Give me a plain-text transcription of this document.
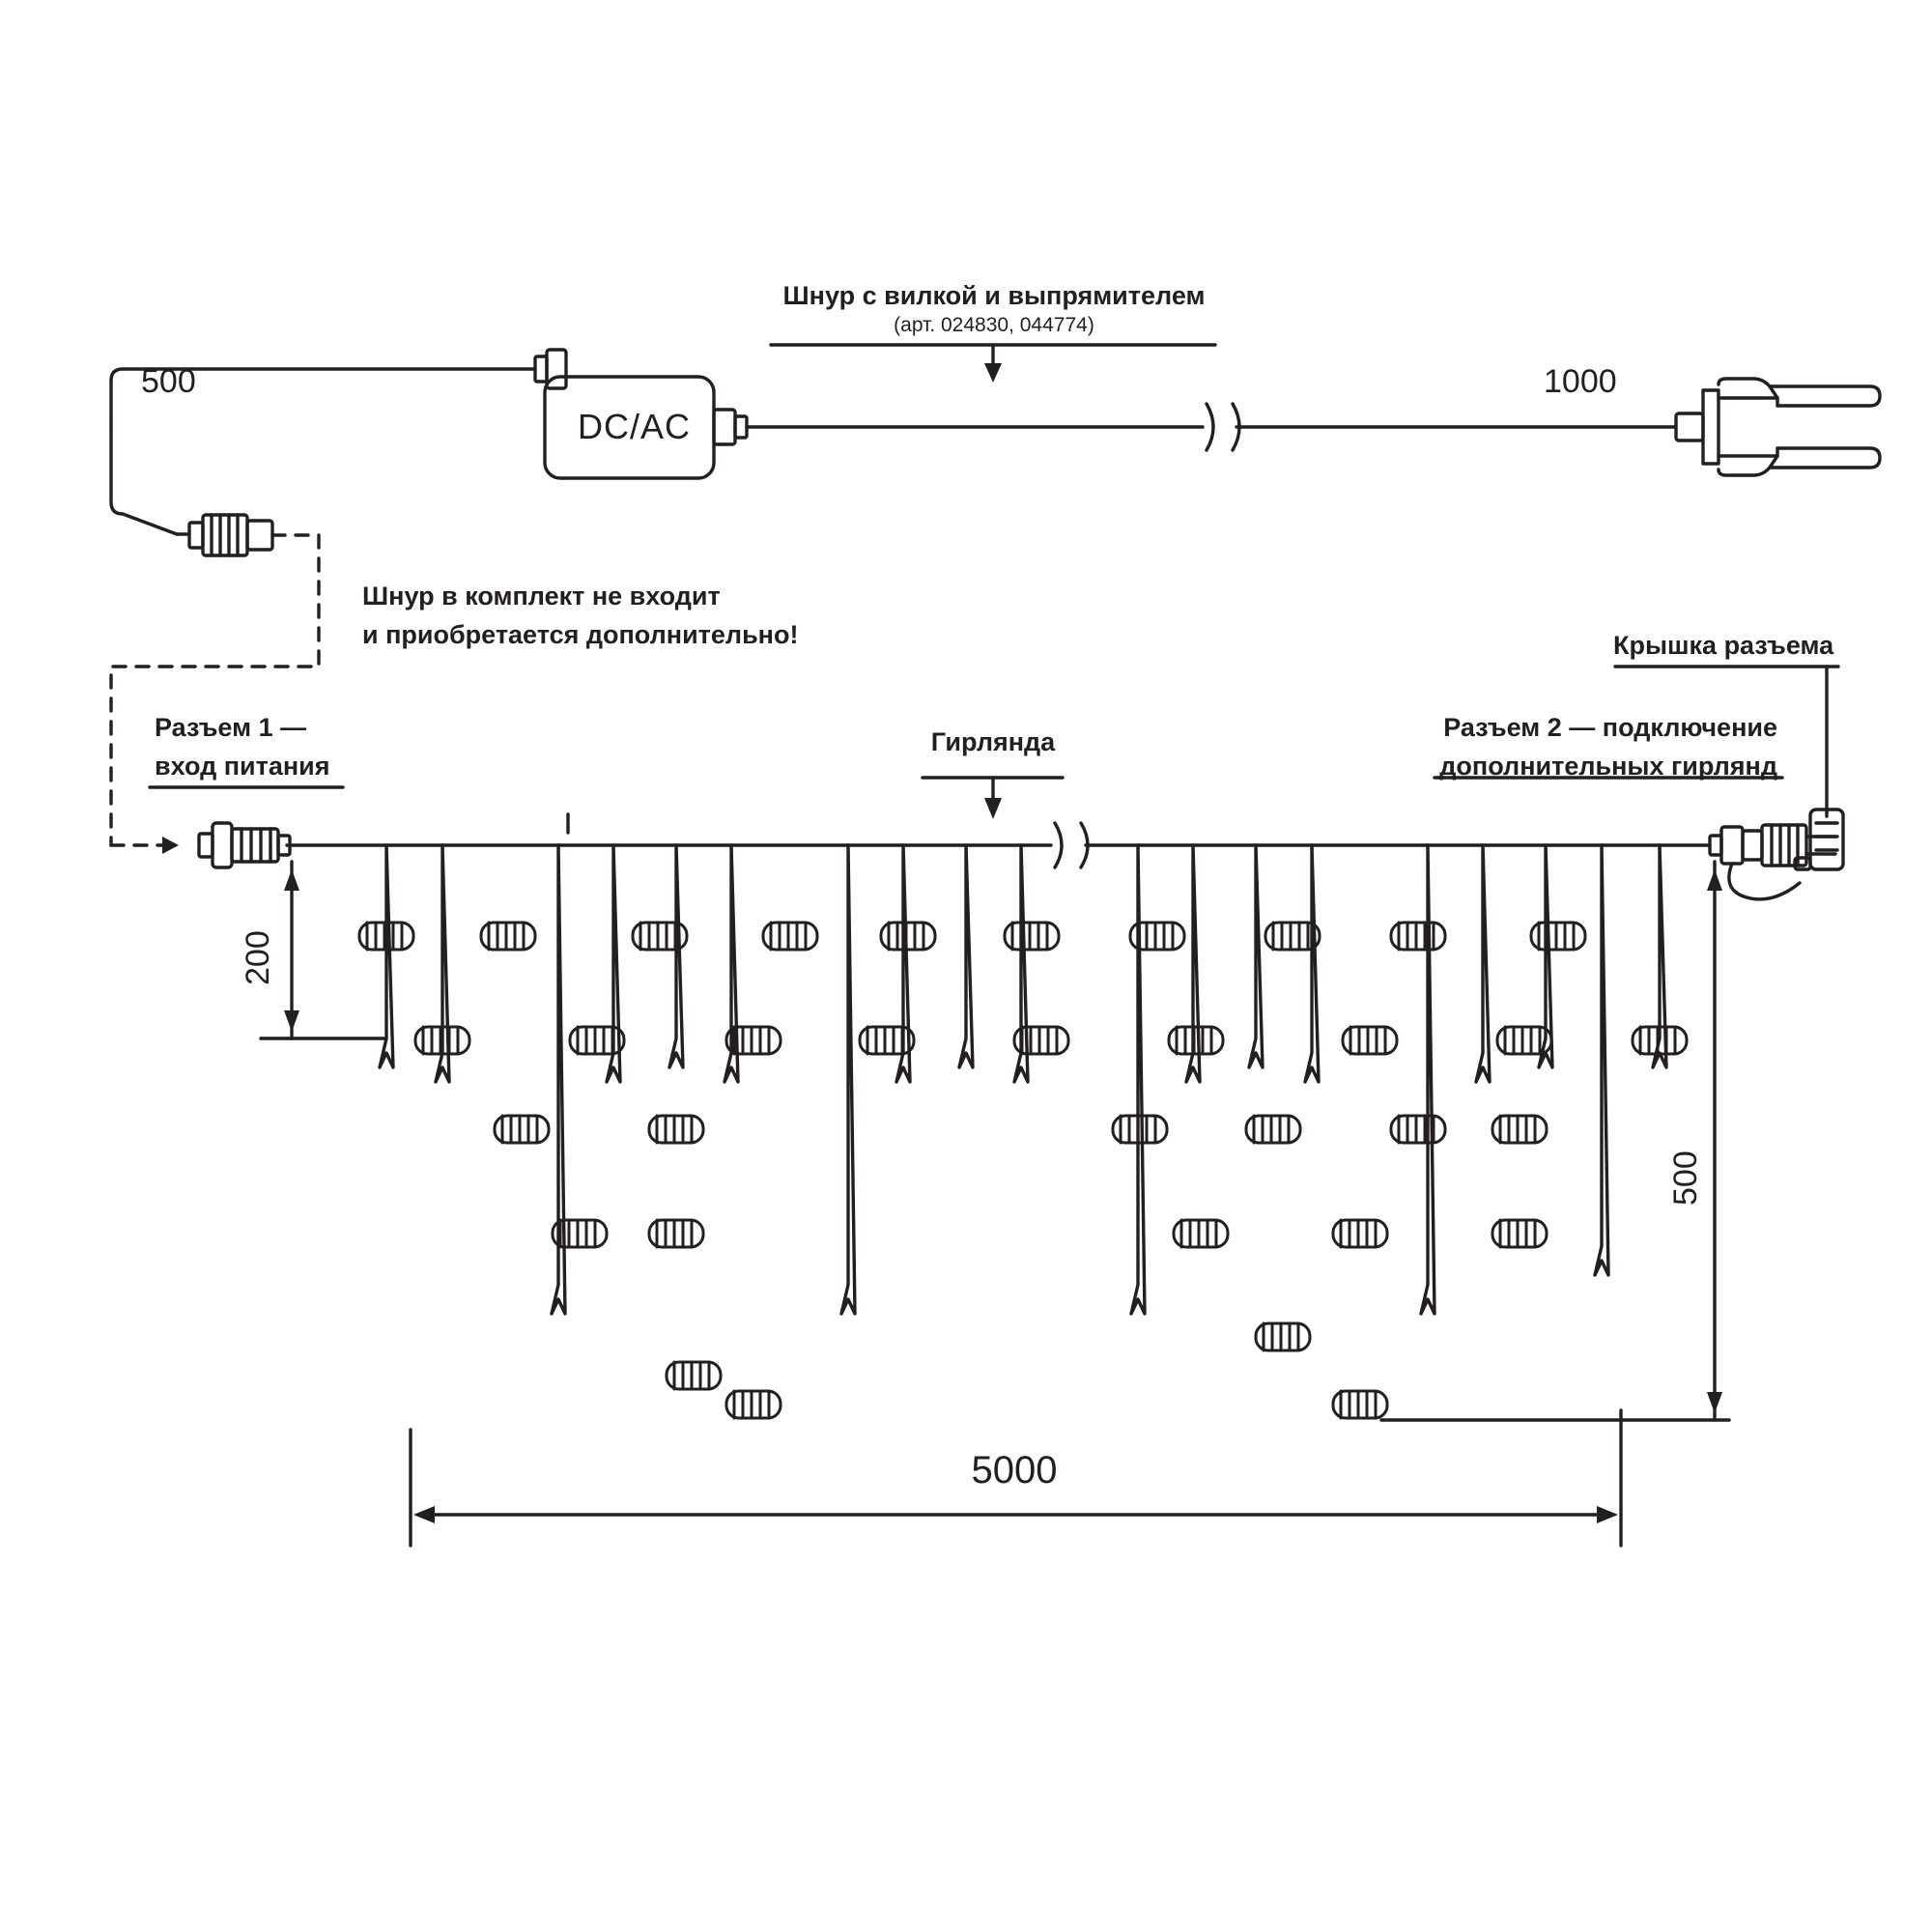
500	1000
Шнур с вилкой и выпрямителем
(арт. 024830, 044774)
DC/AC
Шнур в комплект не входит
и приобретается дополнительно!
Разъем 1 —
вход питания
Гирлянда
Крышка разъема
Разъем 2 — подключение
дополнительных гирлянд
200
500
5000
